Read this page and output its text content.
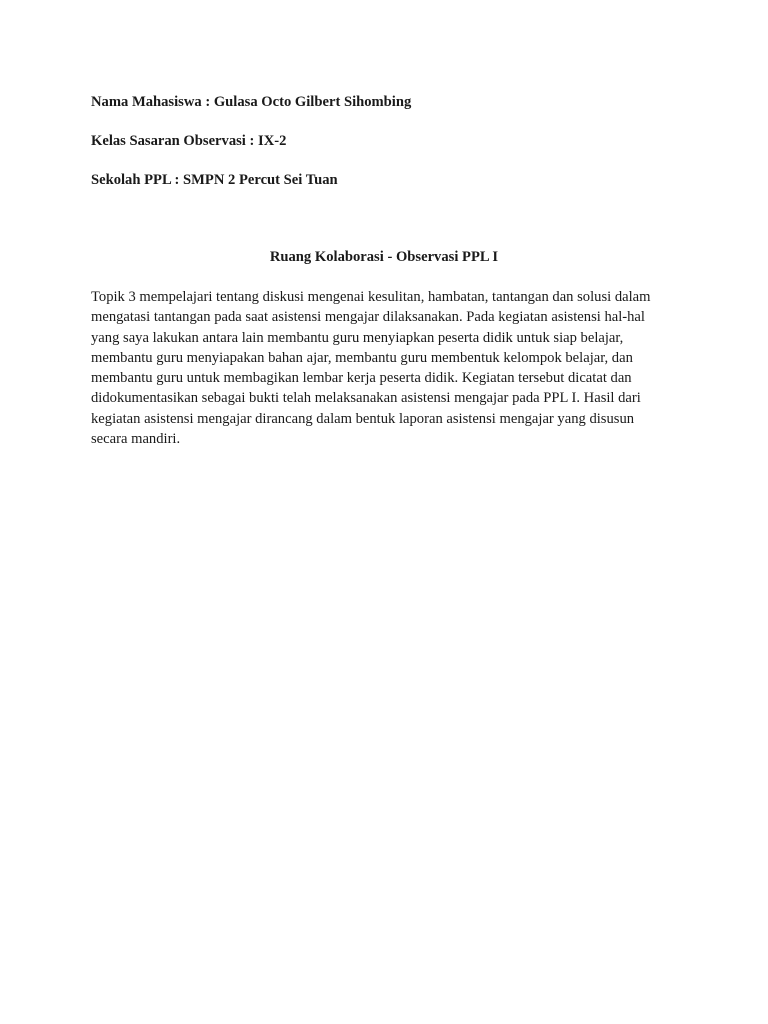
Nama Mahasiswa : Gulasa Octo Gilbert Sihombing

Kelas Sasaran Observasi : IX-2

Sekolah PPL : SMPN 2 Percut Sei Tuan

Ruang Kolaborasi - Observasi PPL I
Topik 3 mempelajari tentang diskusi mengenai kesulitan, hambatan, tantangan dan solusi dalam
mengatasi tantangan pada saat asistensi mengajar dilaksanakan. Pada kegiatan asistensi hal-hal
yang saya lakukan antara lain membantu guru menyiapkan peserta didik untuk siap belajar,
membantu guru menyiapakan bahan ajar, membantu guru membentuk kelompok belajar, dan
membantu guru untuk membagikan lembar kerja peserta didik. Kegiatan tersebut dicatat dan
didokumentasikan sebagai bukti telah melaksanakan asistensi mengajar pada PPL I. Hasil dari
kegiatan asistensi mengajar dirancang dalam bentuk laporan asistensi mengajar yang disusun
secara mandiri.
